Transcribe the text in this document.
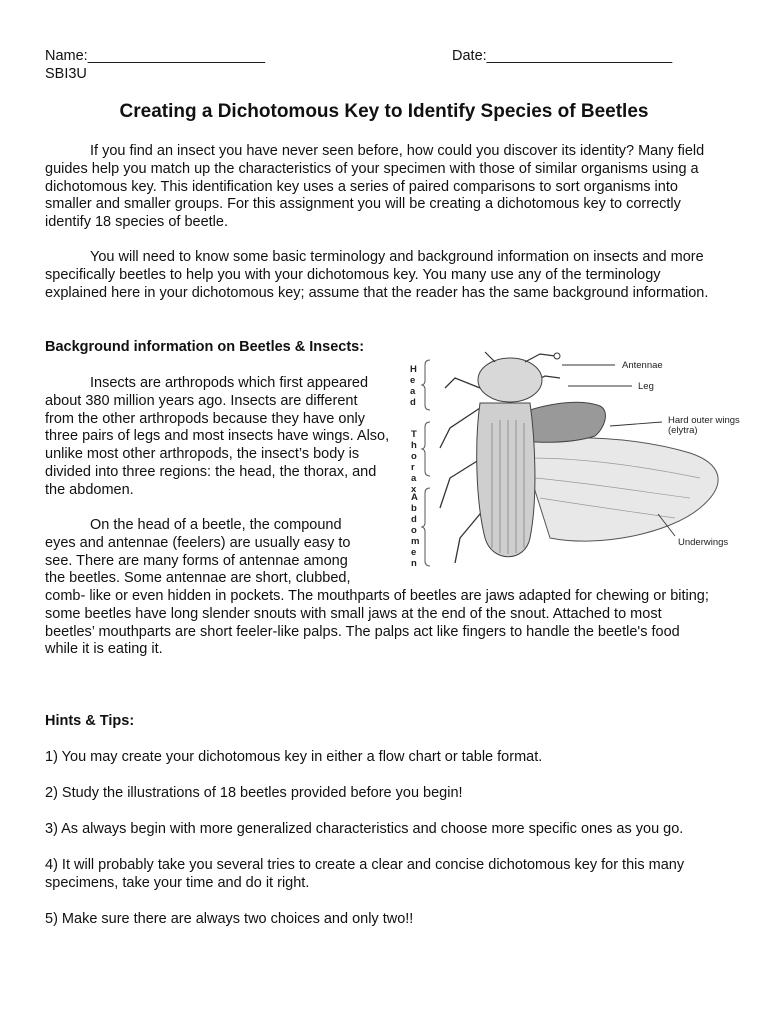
Name:______________________	Date:_______________________
SBI3U
Creating a Dichotomous Key to Identify Species of Beetles

If you find an insect you have never seen before, how could you discover its identity? Many field guides help you match up the characteristics of your specimen with those of similar organisms using a dichotomous key. This identification key uses a series of paired comparisons to sort organisms into smaller and smaller groups. For this assignment you will be creating a dichotomous key to correctly identify 18 species of beetle.

You will need to know some basic terminology and background information on insects and more specifically beetles to help you with your dichotomous key. You many use any of the terminology explained here in your dichotomous key; assume that the reader has the same background information.

Background information on Beetles & Insects:

Insects are arthropods which first appeared about 380 million years ago. Insects are different from the other arthropods because they have only three pairs of legs and most insects have wings. Also, unlike most other arthropods, the insect’s body is divided into three regions: the head, the thorax, and the abdomen.

On the head of a beetle, the compound
eyes and antennae (feelers) are usually easy to
see. There are many forms of antennae among
the beetles. Some antennae are short, clubbed,

comb- like or even hidden in pockets. The mouthparts of beetles are jaws adapted for chewing or biting; some beetles have long slender snouts with small jaws at the end of the snout. Attached to most beetles’ mouthparts are short feeler-like palps. The palps act like fingers to handle the beetle's food while it is eating it.

H
e
a
d
T
h
o
r
a
x
A
b
d
o
m
e
n
Antennae
Leg
Hard outer wings
(elytra)
Underwings
Hints & Tips:

1) You may create your dichotomous key in either a flow chart or table format.

2) Study the illustrations of 18 beetles provided before you begin!

3) As always begin with more generalized characteristics and choose more specific ones as you go.

4) It will probably take you several tries to create a clear and concise dichotomous key for this many specimens, take your time and do it right.

5) Make sure there are always two choices and only two!!
